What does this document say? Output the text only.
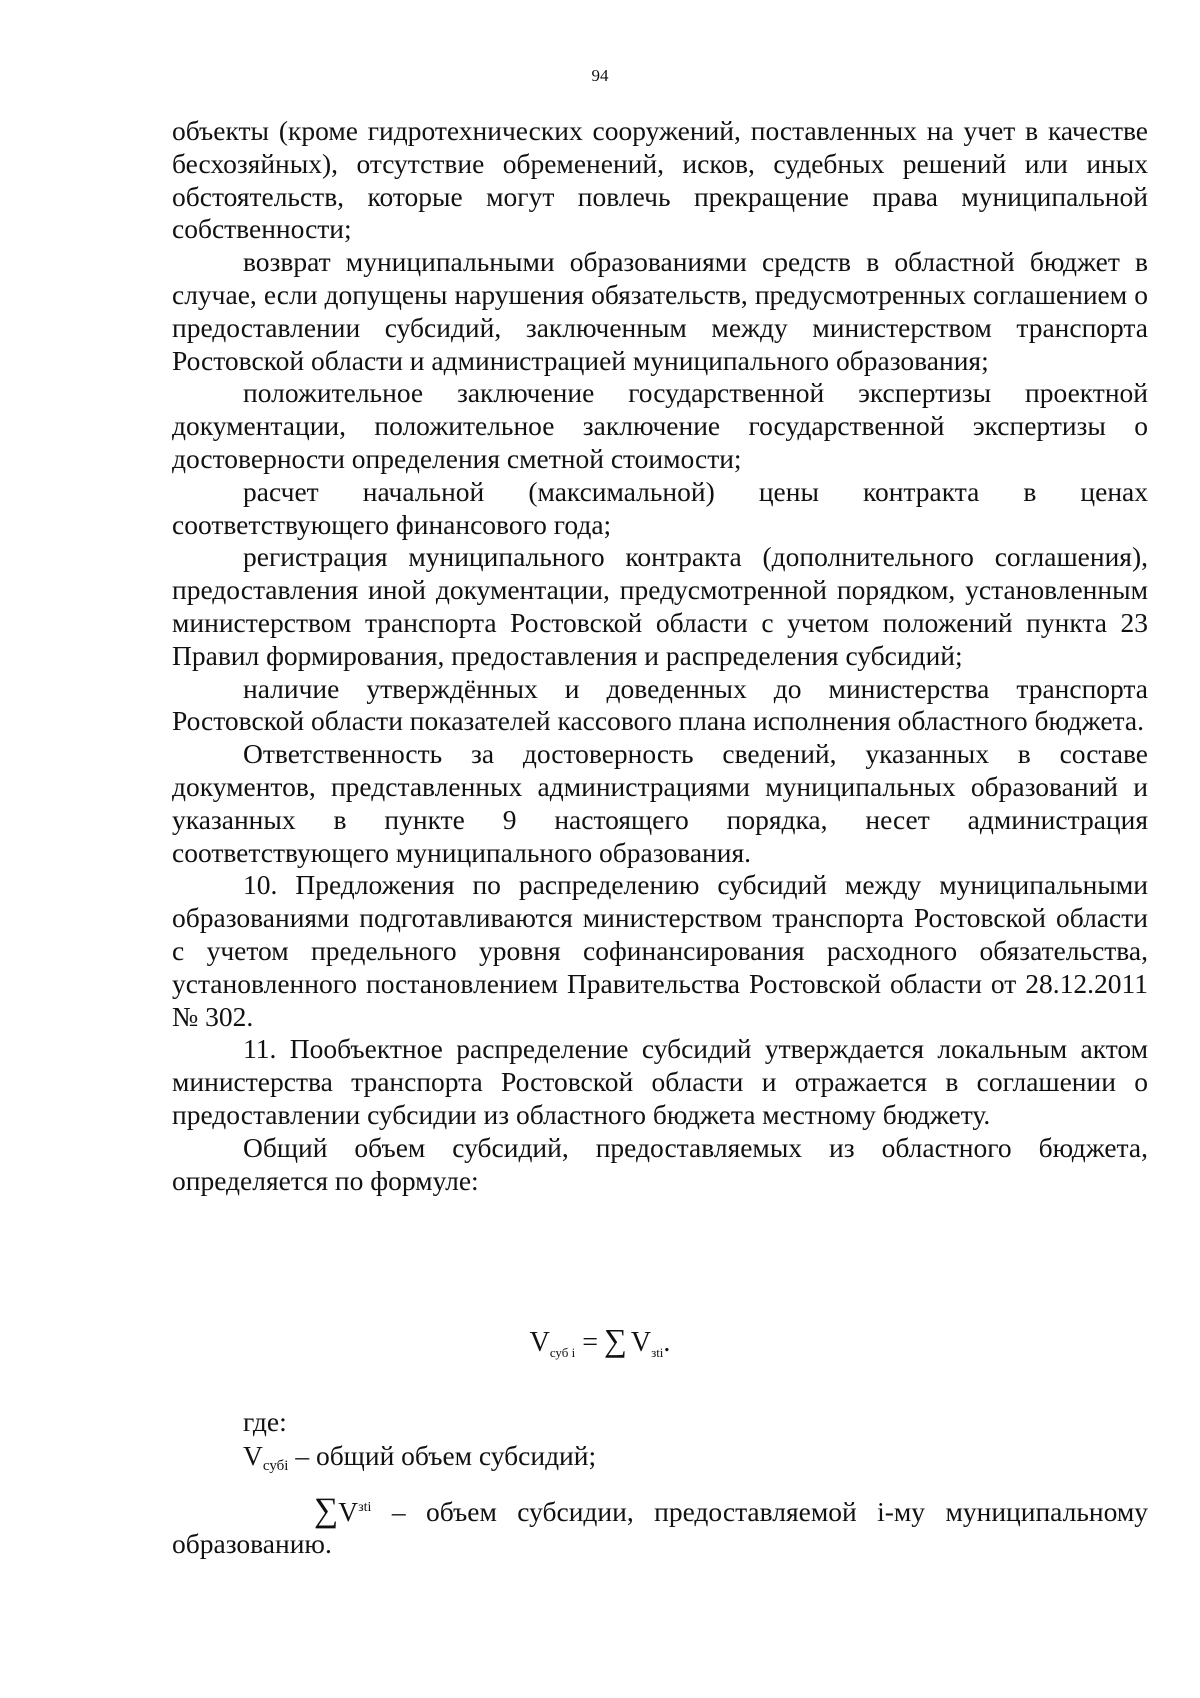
94

объекты (кроме гидротехнических сооружений, поставленных на учет в качестве бесхозяйных), отсутствие обременений, исков, судебных решений или иных обстоятельств, которые могут повлечь прекращение права муниципальной собственности;

возврат муниципальными образованиями средств в областной бюджет в случае, если допущены нарушения обязательств, предусмотренных соглашением о предоставлении субсидий, заключенным между министерством транспорта Ростовской области и администрацией муниципального образования;

положительное заключение государственной экспертизы проектной документации, положительное заключение государственной экспертизы о достоверности определения сметной стоимости;

расчет начальной (максимальной) цены контракта в ценах соответствующего финансового года;

регистрация муниципального контракта (дополнительного соглашения), предоставления иной документации, предусмотренной порядком, установленным министерством транспорта Ростовской области с учетом положений пункта 23 Правил формирования, предоставления и распределения субсидий;

наличие утверждённых и доведенных до министерства транспорта Ростовской области показателей кассового плана исполнения областного бюджета.

Ответственность за достоверность сведений, указанных в составе документов, представленных администрациями муниципальных образований и указанных в пункте 9 настоящего порядка, несет администрация соответствующего муниципального образования.

10. Предложения по распределению субсидий между муниципальными образованиями подготавливаются министерством транспорта Ростовской области с учетом предельного уровня софинансирования расходного обязательства, установленного постановлением Правительства Ростовской области от 28.12.2011 № 302.

11. Пообъектное распределение субсидий утверждается локальным актом министерства транспорта Ростовской области и отражается в соглашении о предоставлении субсидии из областного бюджета местному бюджету.

Общий объем субсидий, предоставляемых из областного бюджета, определяется по формуле:

$V_{суб i}$ = ∑ $V_{зti}$.

где:

$V_{субi}$ – общий объем субсидий;

$\sum V^{зti}$ – объем субсидии, предоставляемой i-му муниципальному образованию.
